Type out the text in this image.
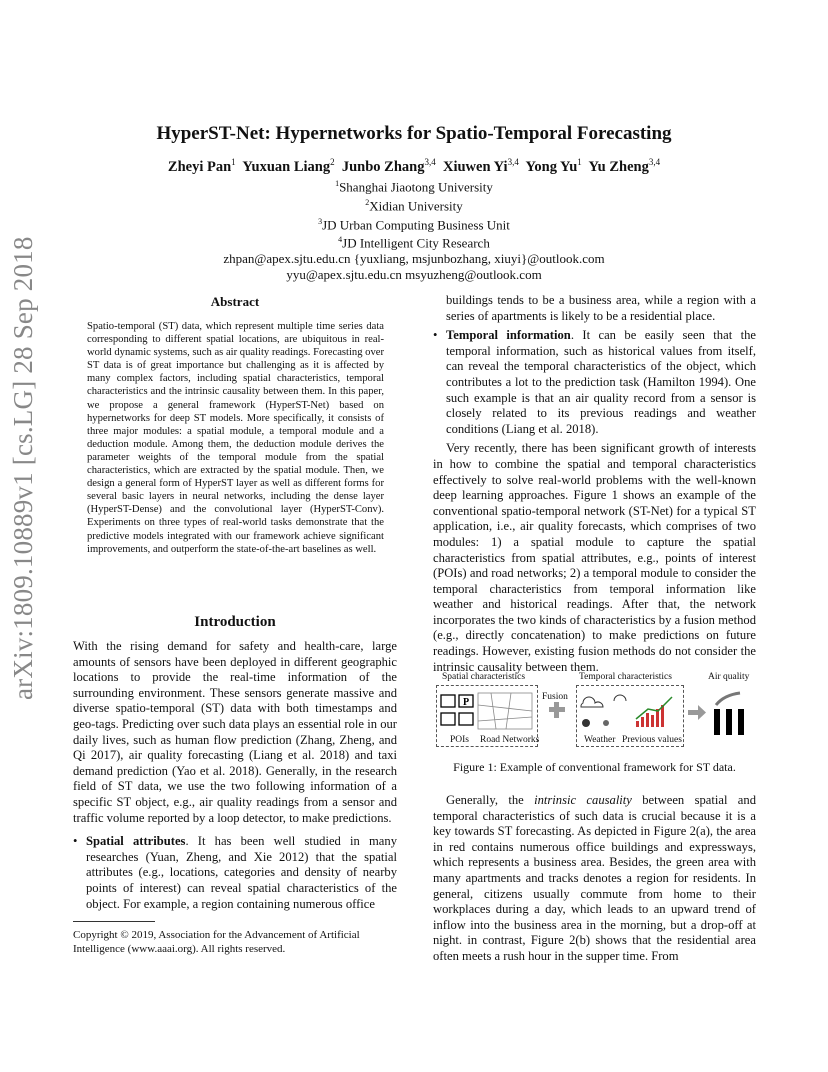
arXiv:1809.10889v1 [cs.LG] 28 Sep 2018
HyperST-Net: Hypernetworks for Spatio-Temporal Forecasting
Zheyi Pan$^1$ Yuxuan Liang$^2$ Junbo Zhang$^{3,4}$ Xiuwen Yi$^{3,4}$ Yong Yu$^1$ Yu Zheng$^{3,4}$
$^1$Shanghai Jiaotong University
$^2$Xidian University
$^3$JD Urban Computing Business Unit
$^4$JD Intelligent City Research
zhpan@apex.sjtu.edu.cn {yuxliang, msjunbozhang, xiuyi}@outlook.com
yyu@apex.sjtu.edu.cn msyuzheng@outlook.com
Abstract
Spatio-temporal (ST) data, which represent multiple time series data corresponding to different spatial locations, are ubiquitous in real-world dynamic systems, such as air quality readings. Forecasting over ST data is of great importance but challenging as it is affected by many complex factors, including spatial characteristics, temporal characteristics and the intrinsic causality between them. In this paper, we propose a general framework (HyperST-Net) based on hypernetworks for deep ST models. More specifically, it consists of three major modules: a spatial module, a temporal module and a deduction module. Among them, the deduction module derives the parameter weights of the temporal module from the spatial characteristics, which are extracted by the spatial module. Then, we design a general form of HyperST layer as well as different forms for several basic layers in neural networks, including the dense layer (HyperST-Dense) and the convolutional layer (HyperST-Conv). Experiments on three types of real-world tasks demonstrate that the predictive models integrated with our framework achieve significant improvements, and outperform the state-of-the-art baselines as well.
Introduction

With the rising demand for safety and health-care, large amounts of sensors have been deployed in different geographic locations to provide the real-time information of the surrounding environment. These sensors generate massive and diverse spatio-temporal (ST) data with both timestamps and geo-tags. Predicting over such data plays an essential role in our daily lives, such as human flow prediction (Zhang, Zheng, and Qi 2017), air quality forecasting (Liang et al. 2018) and taxi demand prediction (Yao et al. 2018). Generally, in the research field of ST data, we use the two following information of a specific ST object, e.g., air quality readings from a sensor and traffic volume reported by a loop detector, to make predictions.

• Spatial attributes. It has been well studied in many researches (Yuan, Zheng, and Xie 2012) that the spatial attributes (e.g., locations, categories and density of nearby points of interest) can reveal spatial characteristics of the object. For example, a region containing numerous office

Copyright © 2019, Association for the Advancement of Artificial Intelligence (www.aaai.org). All rights reserved.

buildings tends to be a business area, while a region with a series of apartments is likely to be a residential place.

• Temporal information. It can be easily seen that the temporal information, such as historical values from itself, can reveal the temporal characteristics of the object, which contributes a lot to the prediction task (Hamilton 1994). One such example is that an air quality record from a sensor is closely related to its previous readings and weather conditions (Liang et al. 2018).

Very recently, there has been significant growth of interests in how to combine the spatial and temporal characteristics effectively to solve real-world problems with the well-known deep learning approaches. Figure 1 shows an example of the conventional spatio-temporal network (ST-Net) for a typical ST application, i.e., air quality forecasts, which comprises of two modules: 1) a spatial module to capture the spatial characteristics from spatial attributes, e.g., points of interest (POIs) and road networks; 2) a temporal module to consider the temporal characteristics from temporal information like weather and historical readings. After that, the network incorporates the two kinds of characteristics by a fusion method (e.g., directly concatenation) to make predictions on future readings. However, existing fusion methods do not consider the intrinsic causality between them.

Spatial characteristics	Temporal characteristics	Air quality
Fusion
P
POIs Road Networks	Weather Previous values
Figure 1: Example of conventional framework for ST data.

Generally, the intrinsic causality between spatial and temporal characteristics of such data is crucial because it is a key towards ST forecasting. As depicted in Figure 2(a), the area in red contains numerous office buildings and expressways, which represents a business area. Besides, the green area with many apartments and tracks denotes a region for residents. In general, citizens usually commute from home to their workplaces during a day, which leads to an upward trend of inflow into the business area in the morning, but a drop-off at night. in contrast, Figure 2(b) shows that the residential area often meets a rush hour in the supper time. From
